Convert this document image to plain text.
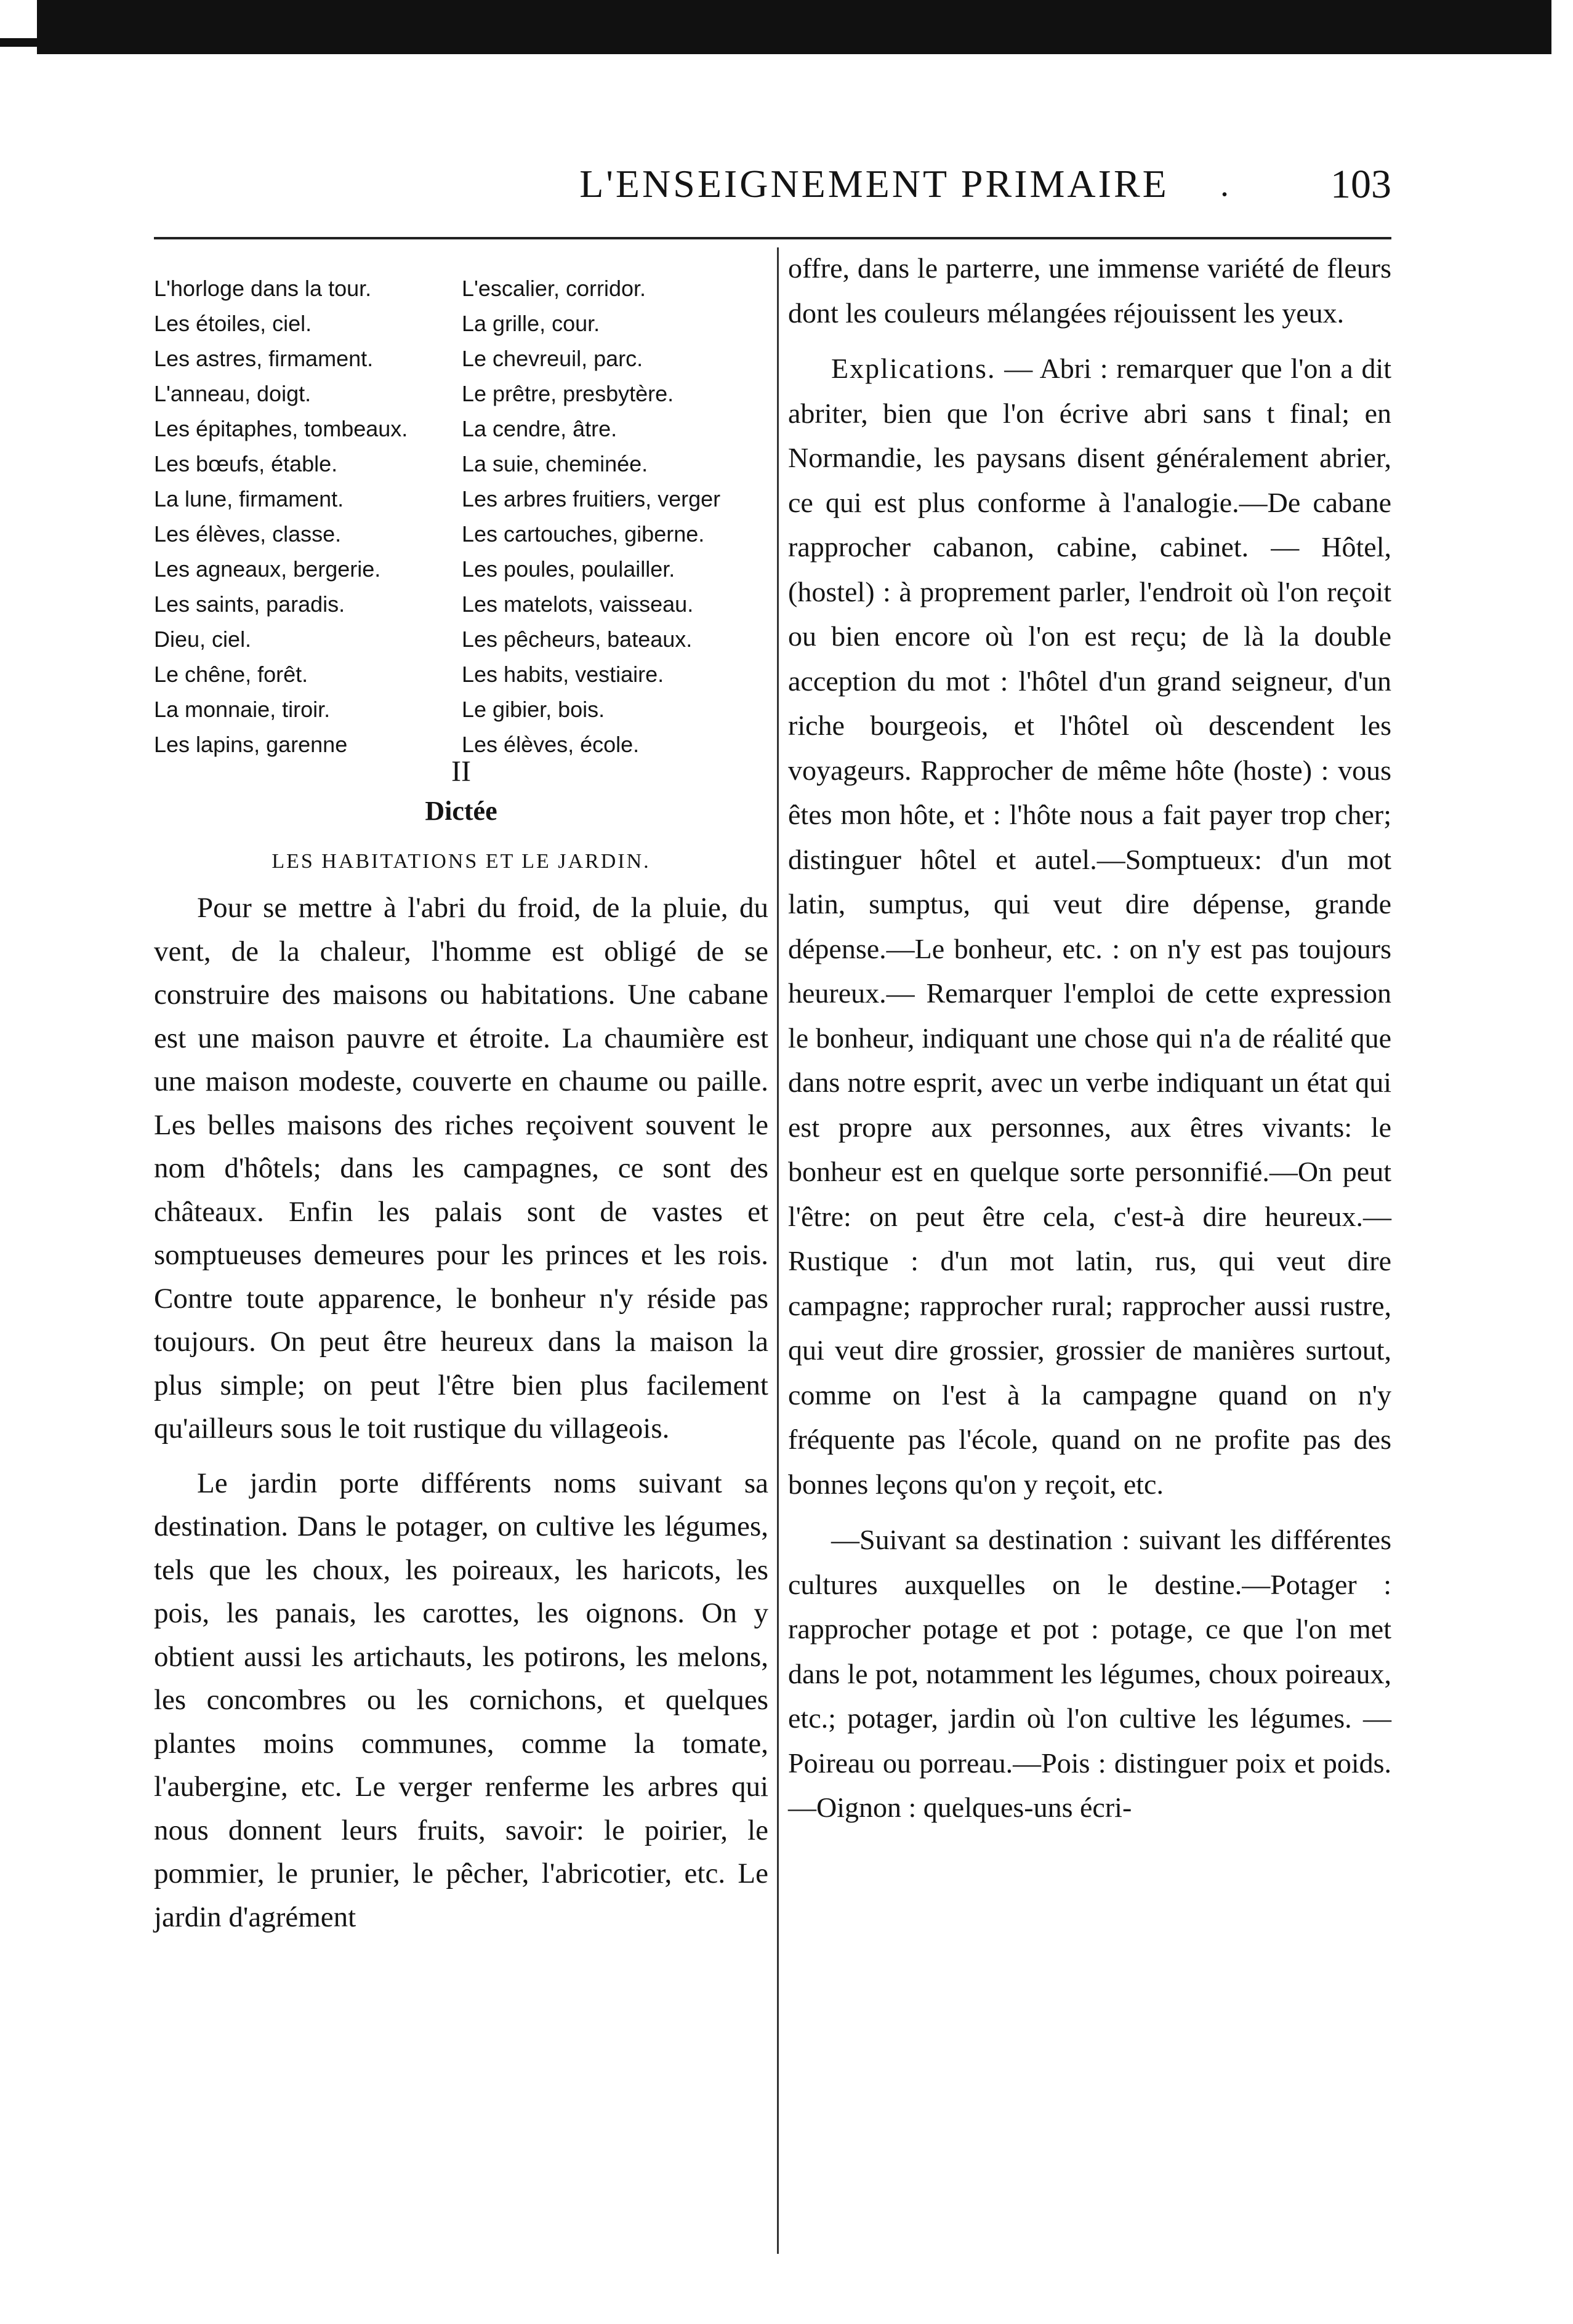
L'ENSEIGNEMENT PRIMAIRE	.	103
L'horloge dans la tour.
Les étoiles, ciel.
Les astres, firmament.
L'anneau, doigt.
Les épitaphes, tombeaux.
Les bœufs, étable.
La lune, firmament.
Les élèves, classe.
Les agneaux, bergerie.
Les saints, paradis.
Dieu, ciel.
Le chêne, forêt.
La monnaie, tiroir.
Les lapins, garenne
L'escalier, corridor.
La grille, cour.
Le chevreuil, parc.
Le prêtre, presbytère.
La cendre, âtre.
La suie, cheminée.
Les arbres fruitiers, verger
Les cartouches, giberne.
Les poules, poulailler.
Les matelots, vaisseau.
Les pêcheurs, bateaux.
Les habits, vestiaire.
Le gibier, bois.
Les élèves, école.
II
Dictée
LES HABITATIONS ET LE JARDIN.

Pour se mettre à l'abri du froid, de la pluie, du vent, de la chaleur, l'homme est obligé de se construire des maisons ou habitations. Une cabane est une maison pauvre et étroite. La chaumière est une maison modeste, couverte en chaume ou paille. Les belles maisons des riches reçoivent souvent le nom d'hôtels; dans les campagnes, ce sont des châteaux. Enfin les palais sont de vastes et somptueuses demeures pour les princes et les rois. Contre toute apparence, le bonheur n'y réside pas toujours. On peut être heureux dans la maison la plus simple; on peut l'être bien plus facilement qu'ailleurs sous le toit rustique du villageois.

Le jardin porte différents noms suivant sa destination. Dans le potager, on cultive les légumes, tels que les choux, les poireaux, les haricots, les pois, les panais, les carottes, les oignons. On y obtient aussi les artichauts, les potirons, les melons, les concombres ou les cornichons, et quelques plantes moins communes, comme la tomate, l'aubergine, etc. Le verger renferme les arbres qui nous donnent leurs fruits, savoir: le poirier, le pommier, le prunier, le pêcher, l'abricotier, etc. Le jardin d'agrément

offre, dans le parterre, une immense variété de fleurs dont les couleurs mélangées réjouissent les yeux.

Explications. — Abri : remarquer que l'on a dit abriter, bien que l'on écrive abri sans t final; en Normandie, les paysans disent généralement abrier, ce qui est plus conforme à l'analogie.—De cabane rapprocher cabanon, cabine, cabinet. — Hôtel, (hostel) : à proprement parler, l'endroit où l'on reçoit ou bien encore où l'on est reçu; de là la double acception du mot : l'hôtel d'un grand seigneur, d'un riche bourgeois, et l'hôtel où descendent les voyageurs. Rapprocher de même hôte (hoste) : vous êtes mon hôte, et : l'hôte nous a fait payer trop cher; distinguer hôtel et autel.—Somptueux: d'un mot latin, sumptus, qui veut dire dépense, grande dépense.—Le bonheur, etc. : on n'y est pas toujours heureux.— Remarquer l'emploi de cette expression le bonheur, indiquant une chose qui n'a de réalité que dans notre esprit, avec un verbe indiquant un état qui est propre aux personnes, aux êtres vivants: le bonheur est en quelque sorte personnifié.—On peut l'être: on peut être cela, c'est-à dire heureux.— Rustique : d'un mot latin, rus, qui veut dire campagne; rapprocher rural; rapprocher aussi rustre, qui veut dire grossier, grossier de manières surtout, comme on l'est à la campagne quand on n'y fréquente pas l'école, quand on ne profite pas des bonnes leçons qu'on y reçoit, etc.

—Suivant sa destination : suivant les différentes cultures auxquelles on le destine.—Potager : rapprocher potage et pot : potage, ce que l'on met dans le pot, notamment les légumes, choux poireaux, etc.; potager, jardin où l'on cultive les légumes. —Poireau ou porreau.—Pois : distinguer poix et poids.—Oignon : quelques-uns écri-
